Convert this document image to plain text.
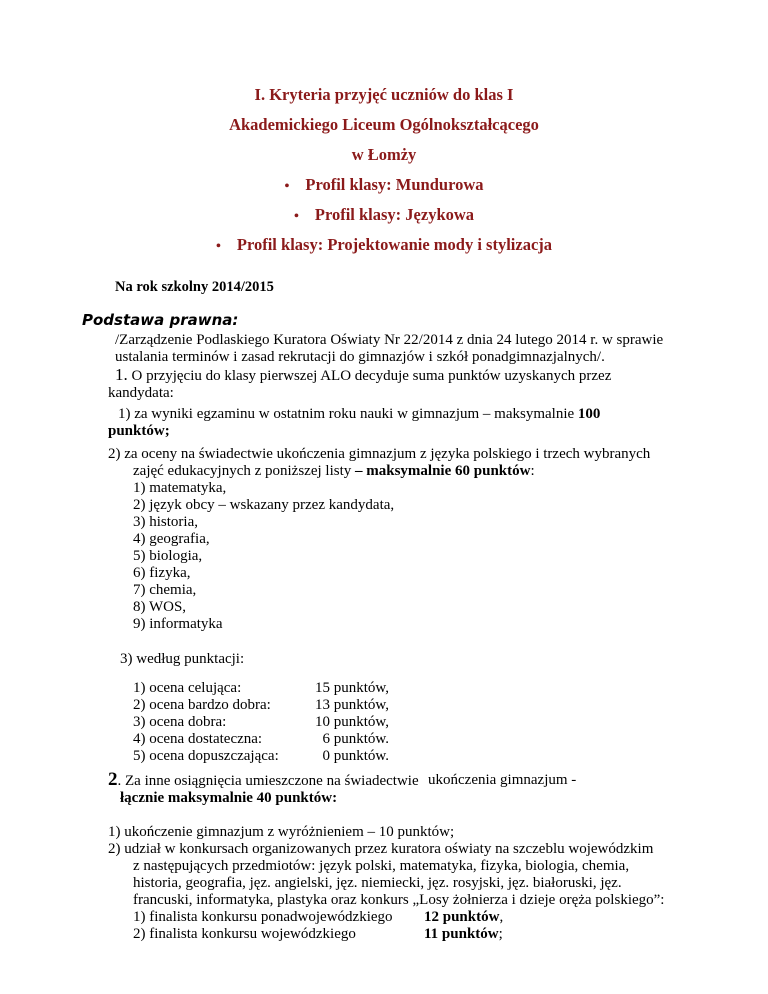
I. Kryteria przyjęć uczniów do klas I
Akademickiego Liceum Ogólnokształcącego
w Łomży
• Profil klasy: Mundurowa
• Profil klasy: Językowa
• Profil klasy: Projektowanie mody i stylizacja
Na rok szkolny 2014/2015
Podstawa prawna:
/Zarządzenie Podlaskiego Kuratora Oświaty Nr 22/2014 z dnia 24 lutego 2014 r. w sprawie
ustalania terminów i zasad rekrutacji do gimnazjów i szkół ponadgimnazjalnych/.
1. O przyjęciu do klasy pierwszej ALO decyduje suma punktów uzyskanych przez
kandydata:
1) za wyniki egzaminu w ostatnim roku nauki w gimnazjum – maksymalnie 100
punktów;
2) za oceny na świadectwie ukończenia gimnazjum z języka polskiego i trzech wybranych
zajęć edukacyjnych z poniższej listy – maksymalnie 60 punktów:
1) matematyka,
2) język obcy – wskazany przez kandydata,
3) historia,
4) geografia,
5) biologia,
6) fizyka,
7) chemia,
8) WOS,
9) informatyka
3) według punktacji:
1) ocena celująca:	15 punktów,
2) ocena bardzo dobra:	13 punktów,
3) ocena dobra:	10 punktów,
4) ocena dostateczna:	6 punktów.
5) ocena dopuszczająca:	0 punktów.
2. Za inne osiągnięcia umieszczone na świadectwie ukończenia gimnazjum -
łącznie maksymalnie 40 punktów:
1) ukończenie gimnazjum z wyróżnieniem – 10 punktów;
2) udział w konkursach organizowanych przez kuratora oświaty na szczeblu wojewódzkim
z następujących przedmiotów: język polski, matematyka, fizyka, biologia, chemia,
historia, geografia, jęz. angielski, jęz. niemiecki, jęz. rosyjski, jęz. białoruski, jęz.
francuski, informatyka, plastyka oraz konkurs „Losy żołnierza i dzieje oręża polskiego”:
1) finalista konkursu ponadwojewódzkiego 12 punktów,
2) finalista konkursu wojewódzkiego	11 punktów;
